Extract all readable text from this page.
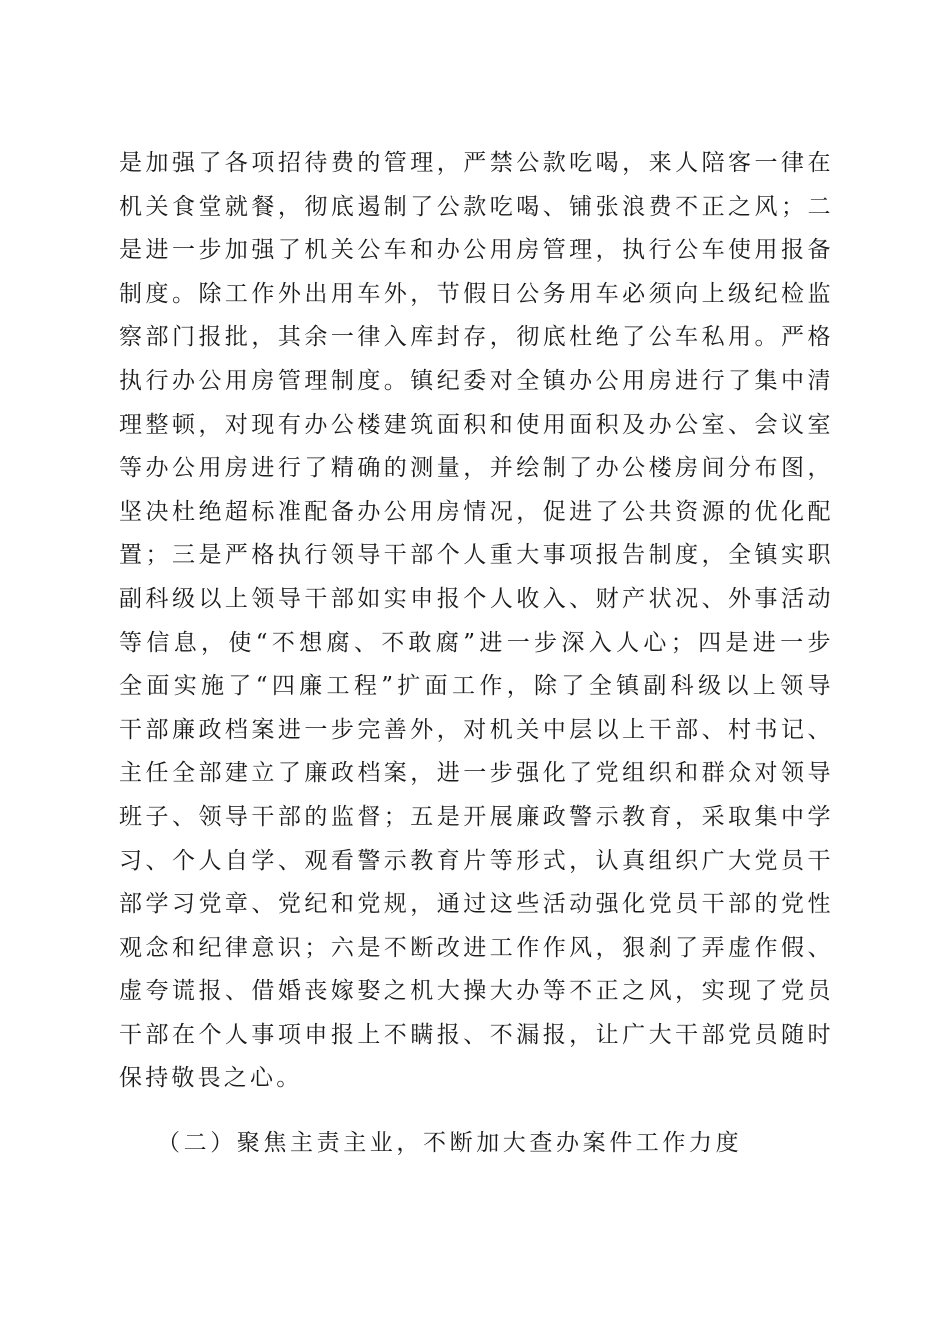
是加强了各项招待费的管理，严禁公款吃喝，来人陪客一律在
机关食堂就餐，彻底遏制了公款吃喝、铺张浪费不正之风；二
是进一步加强了机关公车和办公用房管理，执行公车使用报备
制度。除工作外出用车外，节假日公务用车必须向上级纪检监
察部门报批，其余一律入库封存，彻底杜绝了公车私用。严格
执行办公用房管理制度。镇纪委对全镇办公用房进行了集中清
理整顿，对现有办公楼建筑面积和使用面积及办公室、会议室
等办公用房进行了精确的测量，并绘制了办公楼房间分布图，
坚决杜绝超标准配备办公用房情况，促进了公共资源的优化配
置；三是严格执行领导干部个人重大事项报告制度，全镇实职
副科级以上领导干部如实申报个人收入、财产状况、外事活动
等信息，使“不想腐、不敢腐”进一步深入人心；四是进一步
全面实施了“四廉工程”扩面工作，除了全镇副科级以上领导
干部廉政档案进一步完善外，对机关中层以上干部、村书记、
主任全部建立了廉政档案，进一步强化了党组织和群众对领导
班子、领导干部的监督；五是开展廉政警示教育，采取集中学
习、个人自学、观看警示教育片等形式，认真组织广大党员干
部学习党章、党纪和党规，通过这些活动强化党员干部的党性
观念和纪律意识；六是不断改进工作作风，狠刹了弄虚作假、
虚夸谎报、借婚丧嫁娶之机大操大办等不正之风，实现了党员
干部在个人事项申报上不瞒报、不漏报，让广大干部党员随时
保持敬畏之心。
（二）聚焦主责主业，不断加大查办案件工作力度
